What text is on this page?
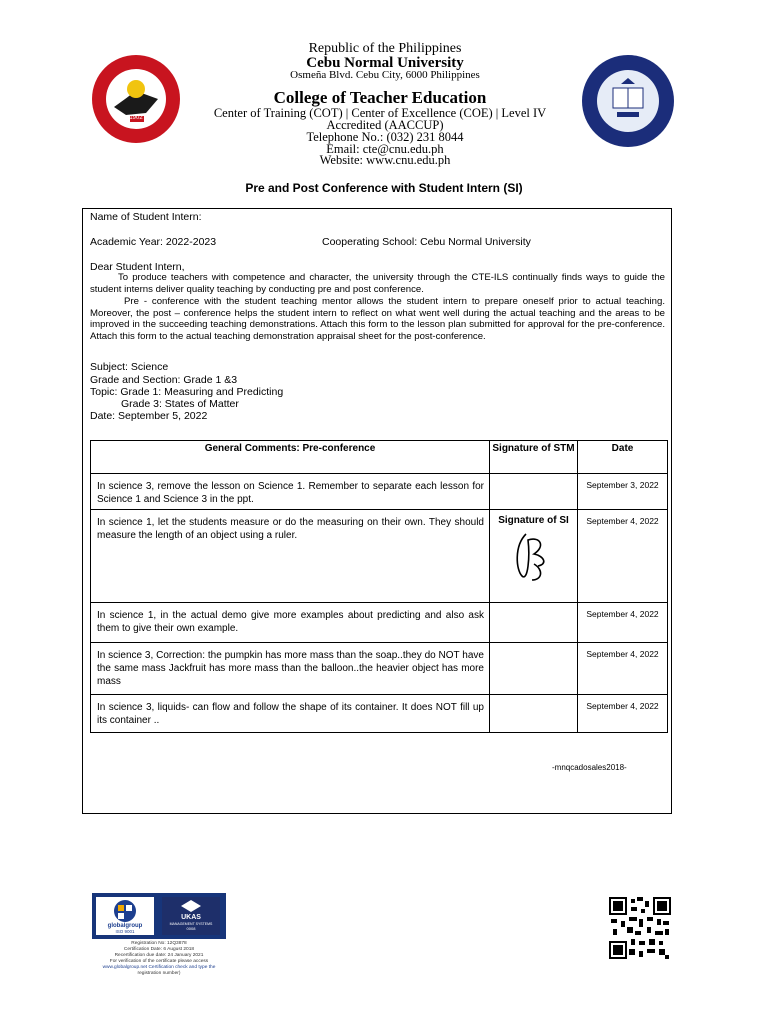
1902
Republic of the Philippines
Cebu Normal University
Osmeña Blvd. Cebu City, 6000 Philippines
College of Teacher Education
Center of Training (COT) | Center of Excellence (COE) | Level IV
Accredited (AACCUP)
Telephone No.: (032) 231 8044
Email: cte@cnu.edu.ph
Website: www.cnu.edu.ph
Pre and Post Conference with Student Intern (SI)
Name of Student Intern:
Academic Year: 2022-2023	Cooperating School: Cebu Normal University
Dear Student Intern,
To produce teachers with competence and character, the university through the CTE-ILS continually finds ways to guide the student interns deliver quality teaching by conducting pre and post conference.
Pre - conference with the student teaching mentor allows the student intern to prepare oneself prior to actual teaching. Moreover, the post – conference helps the student intern to reflect on what went well during the actual teaching and the areas to be improved in the succeeding teaching demonstrations. Attach this form to the lesson plan submitted for approval for the pre-conference. Attach this form to the actual teaching demonstration appraisal sheet for the post-conference.
Subject: Science
Grade and Section: Grade 1 &3
Topic: Grade 1: Measuring and Predicting
Grade 3: States of Matter
Date: September 5, 2022
General Comments: Pre-conference	Signature of STM	Date
In science 3, remove the lesson on Science 1. Remember to separate each lesson for Science 1 and Science 3 in the ppt.		September 3, 2022
In science 1, let the students measure or do the measuring on their own. They should measure the length of an object using a ruler.	Signature of SI	September 4, 2022
In science 1, in the actual demo give more examples about predicting and also ask them to give their own example.		September 4, 2022
In science 3, Correction: the pumpkin has more mass than the soap..they do NOT have the same mass Jackfruit has more mass than the balloon..the heavier object has more mass		September 4, 2022
In science 3, liquids- can flow and follow the shape of its container. It does NOT fill up its container ..		September 4, 2022
-mnqcadosales2018-
globalgroup
ISO 9001
UKAS
MANAGEMENT SYSTEMS
0008
Registration No: 12Q3878
Certification Date: 6 August 2018
Recertification due date: 24 January 2021
For verification of the certificate please access
www.globalgroup.net Certification check and type the
registration number)
